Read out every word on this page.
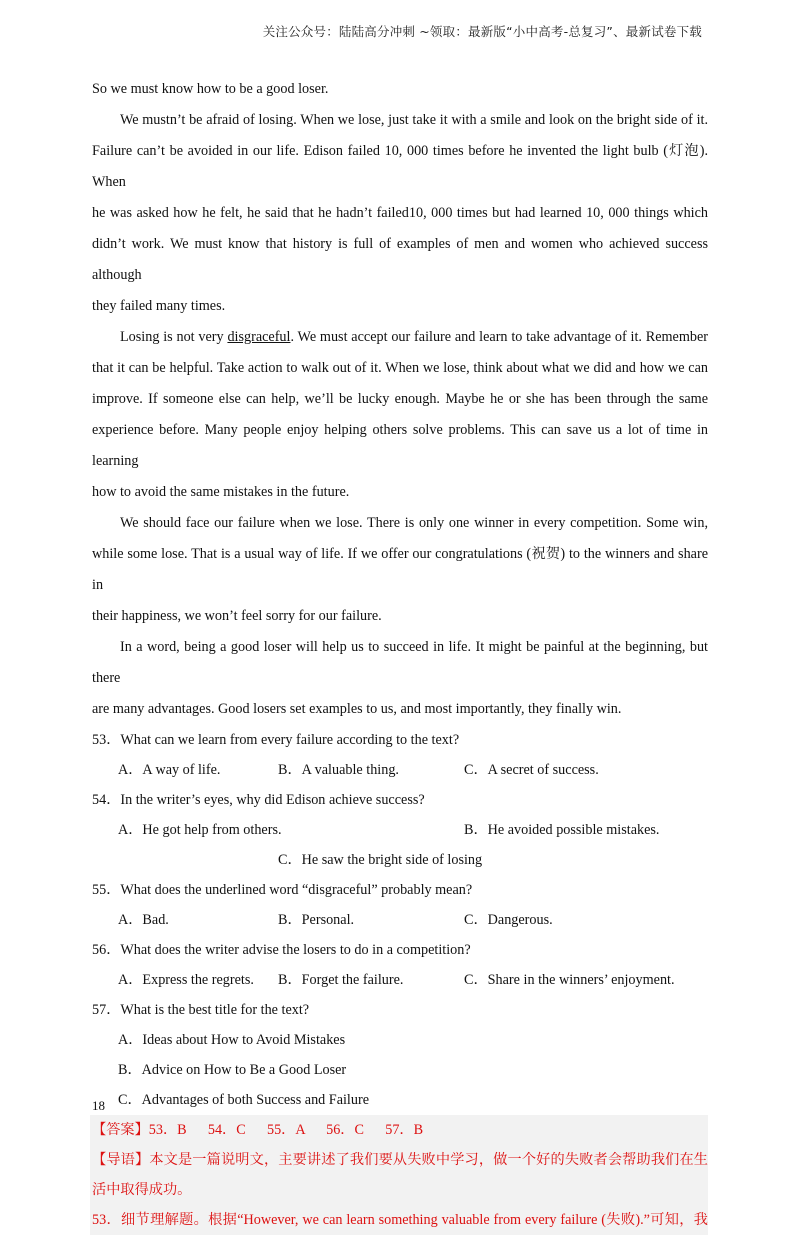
关注公众号：陆陆高分冲刺 ~领取：最新版“小中高考-总复习”、最新试卷下载
So we must know how to be a good loser.
We mustn’t be afraid of losing. When we lose, just take it with a smile and look on the bright side of it.
Failure can’t be avoided in our life. Edison failed 10, 000 times before he invented the light bulb (灯泡). When
he was asked how he felt, he said that he hadn’t failed10, 000 times but had learned 10, 000 things which
didn’t work. We must know that history is full of examples of men and women who achieved success although
they failed many times.
Losing is not very disgraceful. We must accept our failure and learn to take advantage of it. Remember
that it can be helpful. Take action to walk out of it. When we lose, think about what we did and how we can
improve. If someone else can help, we’ll be lucky enough. Maybe he or she has been through the same
experience before. Many people enjoy helping others solve problems. This can save us a lot of time in learning
how to avoid the same mistakes in the future.
We should face our failure when we lose. There is only one winner in every competition. Some win,
while some lose. That is a usual way of life. If we offer our congratulations (祝贺) to the winners and share in
their happiness, we won’t feel sorry for our failure.
In a word, being a good loser will help us to succeed in life. It might be painful at the beginning, but there
are many advantages. Good losers set examples to us, and most importantly, they finally win.
53．What can we learn from every failure according to the text?
A．A way of life.	B．A valuable thing.	C．A secret of success.
54．In the writer’s eyes, why did Edison achieve success?
A．He got help from others.	B．He avoided possible mistakes.
C．He saw the bright side of losing
55．What does the underlined word “disgraceful” probably mean?
A．Bad.	B．Personal.	C．Dangerous.
56．What does the writer advise the losers to do in a competition?
A．Express the regrets. B．Forget the failure.	C．Share in the winners’ enjoyment.
57．What is the best title for the text?
A．Ideas about How to Avoid Mistakes
B．Advice on How to Be a Good Loser
C．Advantages of both Success and Failure
【答案】53．B      54．C      55．A      56．C      57．B
【导语】本文是一篇说明文，主要讲述了我们要从失败中学习，做一个好的失败者会帮助我们在生
活中取得成功。
53．细节理解题。根据“However, we can learn something valuable from every failure (失败).”可知，我
18
